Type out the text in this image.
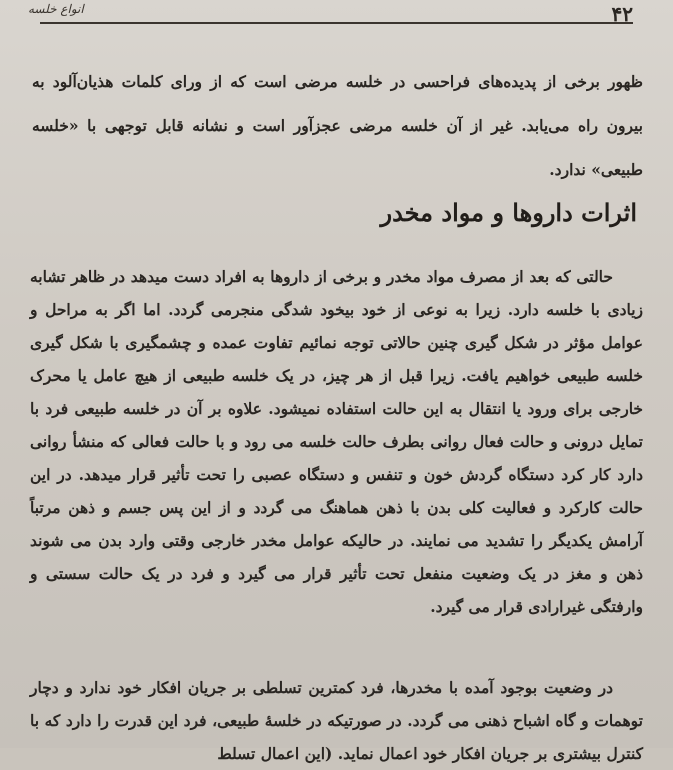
۴۲
انواع خلسه

ظهور برخی از پدیده‌های فراحسی در خلسه مرضی است که از ورای کلمات هذیان‌آلود به بیرون راه می‌یابد. غیر از آن خلسه مرضی عجزآور است و نشانه قابل توجهی با «خلسه طبیعی» ندارد.

اثرات داروها و مواد مخدر

حالتی که بعد از مصرف مواد مخدر و برخی از داروها به افراد دست میدهد در ظاهر تشابه زیادی با خلسه دارد. زیرا به نوعی از خود بیخود شدگی منجرمی گردد. اما اگر به مراحل و عوامل مؤثر در شکل گیری چنین حالاتی توجه نمائیم تفاوت عمده و چشمگیری با شکل گیری خلسه طبیعی خواهیم یافت. زیرا قبل از هر چیز، در یک خلسه طبیعی از هیچ عامل یا محرک خارجی برای ورود یا انتقال به این حالت استفاده نمیشود. علاوه بر آن در خلسه طبیعی فرد با تمایل درونی و حالت فعال روانی بطرف حالت خلسه می رود و با حالت فعالی که منشأ روانی دارد کار کرد دستگاه گردش خون و تنفس و دستگاه عصبی را تحت تأثیر قرار میدهد. در این حالت کارکرد و فعالیت کلی بدن با ذهن هماهنگ می گردد و از این پس جسم و ذهن مرتباً آرامش یکدیگر را تشدید می نمایند. در حالیکه عوامل مخدر خارجی وقتی وارد بدن می شوند ذهن و مغز در یک وضعیت منفعل تحت تأثیر قرار می گیرد و فرد در یک حالت سستی و وارفتگی غیرارادی قرار می گیرد.

در وضعیت بوجود آمده با مخدرها، فرد کمترین تسلطی بر جریان افکار خود ندارد و دچار توهمات و گاه اشباح ذهنی می گردد. در صورتیکه در خلسهٔ طبیعی، فرد این قدرت را دارد که با کنترل بیشتری بر جریان افکار خود اعمال نماید. (این اعمال تسلط
